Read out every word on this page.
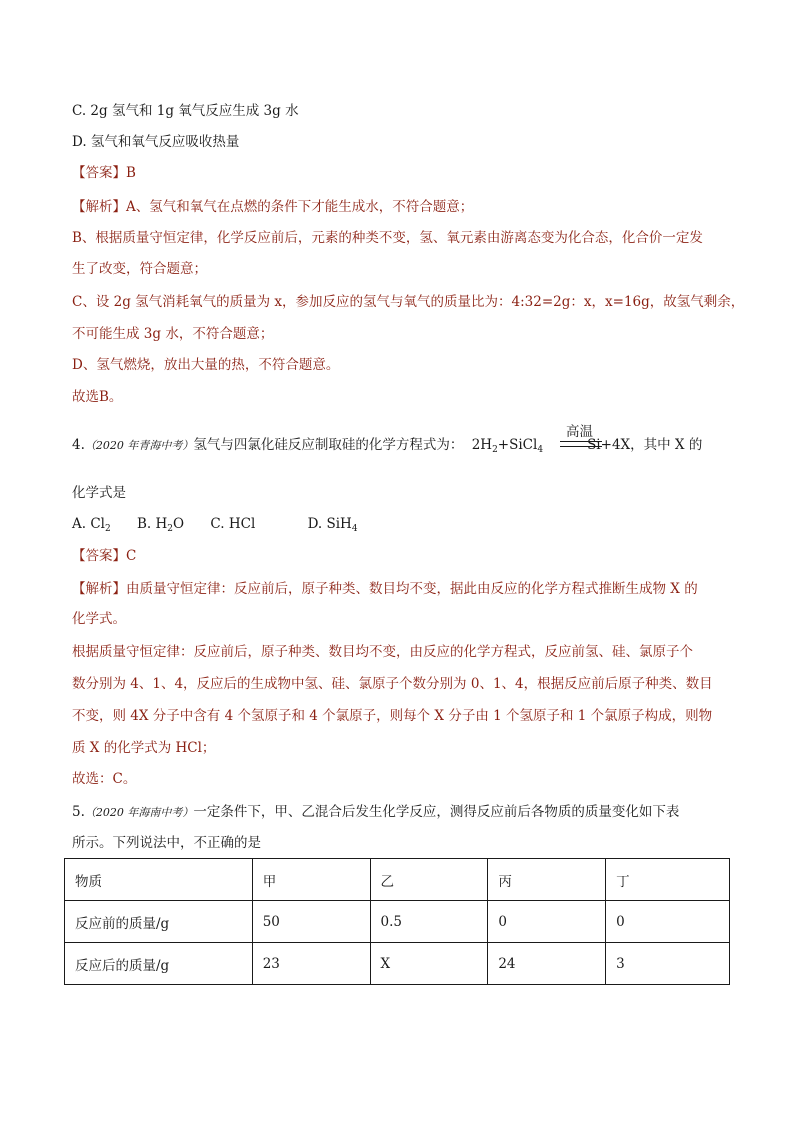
C. 2g 氢气和 1g 氧气反应生成 3g 水
D. 氢气和氧气反应吸收热量
【答案】B
【解析】A、氢气和氧气在点燃的条件下才能生成水，不符合题意；
B、根据质量守恒定律，化学反应前后，元素的种类不变，氢、氧元素由游离态变为化合态，化合价一定发
生了改变，符合题意；
C、设 2g 氢气消耗氧气的质量为 x，参加反应的氢气与氧气的质量比为：4:32=2g：x，x=16g，故氢气剩余，
不可能生成 3g 水，不符合题意；
D、氢气燃烧，放出大量的热，不符合题意。
故选B。
4.（2020 年青海中考）氢气与四氯化硅反应制取硅的化学方程式为： $2H_2+SiCl_4$	Si+4X，其中 X 的
高温
化学式是
A. $Cl_2$ B. $H_2O$ C. HCl	D. SiH$_4$
【答案】C
【解析】由质量守恒定律：反应前后，原子种类、数目均不变，据此由反应的化学方程式推断生成物 X 的
化学式。
根据质量守恒定律：反应前后，原子种类、数目均不变，由反应的化学方程式，反应前氢、硅、氯原子个
数分别为 4、1、4，反应后的生成物中氢、硅、氯原子个数分别为 0、1、4，根据反应前后原子种类、数目
不变，则 4X 分子中含有 4 个氢原子和 4 个氯原子，则每个 X 分子由 1 个氢原子和 1 个氯原子构成，则物
质 X 的化学式为 HCl；
故选：C。
5.（2020 年海南中考）一定条件下，甲、乙混合后发生化学反应，测得反应前后各物质的质量变化如下表
所示。下列说法中，不正确的是
物质	甲	乙	丙	丁
反应前的质量/g	50	0.5	0	0
反应后的质量/g	23	X	24	3
